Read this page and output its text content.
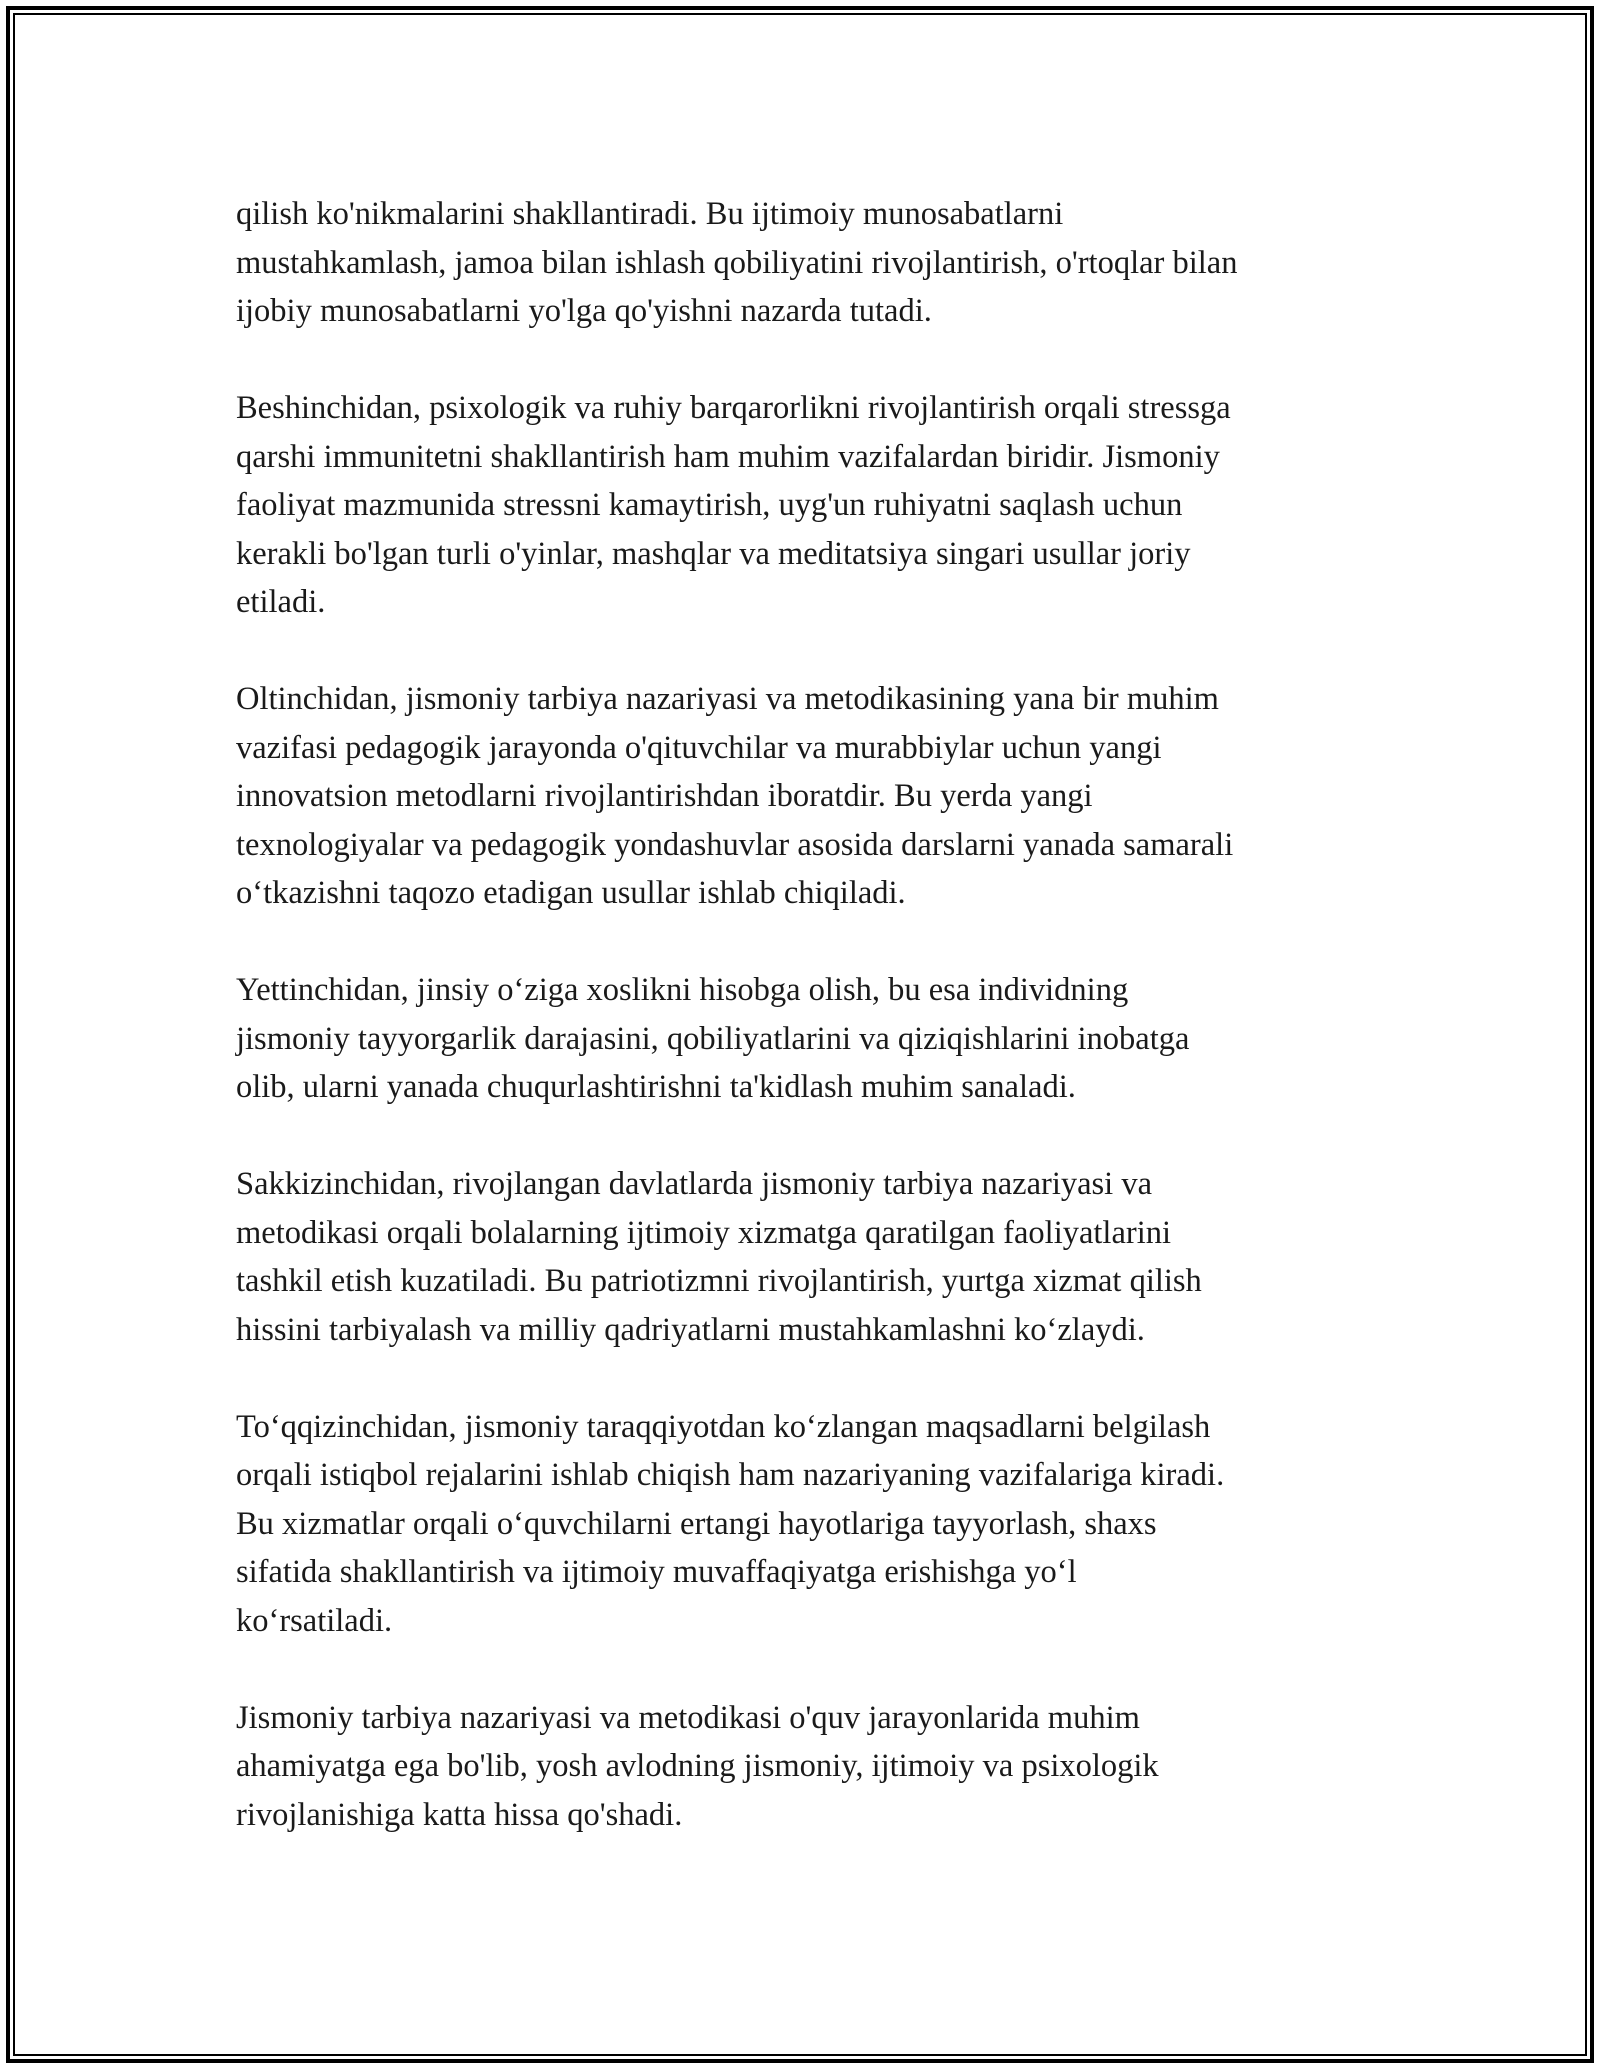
qilish ko'nikmalarini shakllantiradi. Bu ijtimoiy munosabatlarni
mustahkamlash, jamoa bilan ishlash qobiliyatini rivojlantirish, o'rtoqlar bilan
ijobiy munosabatlarni yo'lga qo'yishni nazarda tutadi.

Beshinchidan, psixologik va ruhiy barqarorlikni rivojlantirish orqali stressga
qarshi immunitetni shakllantirish ham muhim vazifalardan biridir. Jismoniy
faoliyat mazmunida stressni kamaytirish, uyg'un ruhiyatni saqlash uchun
kerakli bo'lgan turli o'yinlar, mashqlar va meditatsiya singari usullar joriy
etiladi.

Oltinchidan, jismoniy tarbiya nazariyasi va metodikasining yana bir muhim
vazifasi pedagogik jarayonda o'qituvchilar va murabbiylar uchun yangi
innovatsion metodlarni rivojlantirishdan iboratdir. Bu yerda yangi
texnologiyalar va pedagogik yondashuvlar asosida darslarni yanada samarali
o‘tkazishni taqozo etadigan usullar ishlab chiqiladi.

Yettinchidan, jinsiy o‘ziga xoslikni hisobga olish, bu esa individning
jismoniy tayyorgarlik darajasini, qobiliyatlarini va qiziqishlarini inobatga
olib, ularni yanada chuqurlashtirishni ta'kidlash muhim sanaladi.

Sakkizinchidan, rivojlangan davlatlarda jismoniy tarbiya nazariyasi va
metodikasi orqali bolalarning ijtimoiy xizmatga qaratilgan faoliyatlarini
tashkil etish kuzatiladi. Bu patriotizmni rivojlantirish, yurtga xizmat qilish
hissini tarbiyalash va milliy qadriyatlarni mustahkamlashni ko‘zlaydi.

To‘qqizinchidan, jismoniy taraqqiyotdan ko‘zlangan maqsadlarni belgilash
orqali istiqbol rejalarini ishlab chiqish ham nazariyaning vazifalariga kiradi.
Bu xizmatlar orqali o‘quvchilarni ertangi hayotlariga tayyorlash, shaxs
sifatida shakllantirish va ijtimoiy muvaffaqiyatga erishishga yo‘l
ko‘rsatiladi.

Jismoniy tarbiya nazariyasi va metodikasi o'quv jarayonlarida muhim
ahamiyatga ega bo'lib, yosh avlodning jismoniy, ijtimoiy va psixologik
rivojlanishiga katta hissa qo'shadi.
